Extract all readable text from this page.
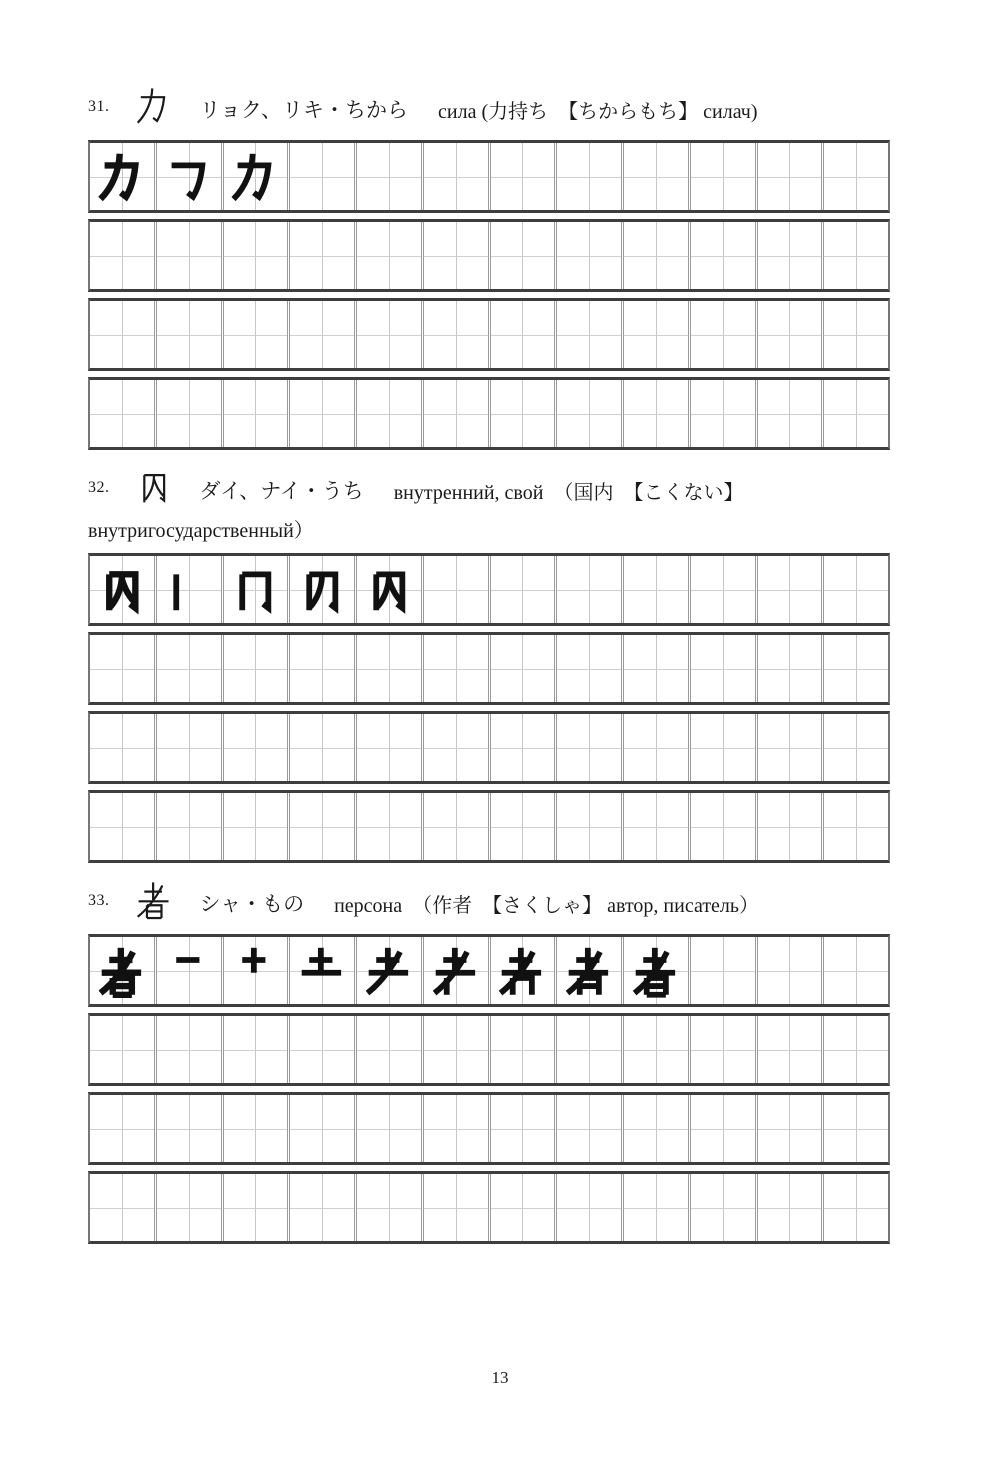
31.	リョク、リキ・ちから сила (力持ち　【ちからもち】 силач)
32.	ダイ、ナイ・うち внутренний, свой　（国内　【こくない】
внутригосударственный）
33.	シャ・もの персона　（作者　【さくしゃ】 автор, писатель）
13
